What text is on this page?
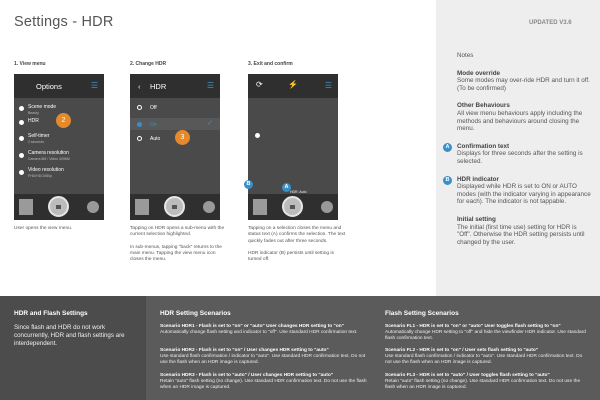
Settings - HDR	UPDATED V3.6
Notes
Mode override
Some modes may over-ride HDR and turn it off. (To be confirmed)
Other Behaviours
All view menu behaviours apply including the methods and behaviours around closing the menu.
A	Confirmation text
Displays for three seconds after the setting is selected.
B	HDR indicator
Displayed while HDR is set to ON or AUTO modes (with the indicator varying in appearance for each). The indicator is not tappable.
Initial setting
The initial (first time use) setting for HDR is "Off". Otherwise the HDR setting persists until changed by the user.
1. View menu
Options	☰
Scene mode
Beauty
HDR	2
Self-timer
2 seconds
Camera resolution
Camera 8M / Video 4096M
Video resolution
FHD/HD/1080p

User opens the view menu.

2. Change HDR
‹ HDR	☰
Off
On	✓
Auto	3

Tapping on HDR opens a sub-menu with the current selection highlighted.

In sub-menus, tapping "back" returns to the main menu. Tapping the view menu icon closes the menu.

3. Exit and confirm
⟳	⚡	☰
B	A
HDR: Auto

Tapping on a selection closes the menu and status text (A) confirms the selection. The text quickly fades out after three seconds.

HDR indicator (B) persists until setting is turned off.

HDR and Flash Settings
Since flash and HDR do not work concurrently, HDR and flash settings are interdependent.
HDR Setting Scenarios
Scenario HDR1 - Flash is set to "on" or "auto" User changes HDR setting to "on"
Automatically change flash setting and indicator to "off". Use standard HDR confirmation text.
Scenario HDR2 - Flash is set to "on" / User changes HDR setting to "auto"
Use standard flash confirmation / indicator to "auto". Use standard HDR confirmation text. Do not use the flash when an HDR image is captured.
Scenario HDR3 - Flash is set to "auto" / User changes HDR setting to "auto"
Retain "auto" flash setting (no change). Use standard HDR confirmation text. Do not use the flash when an HDR image is captured.
Flash Setting Scenarios
Scenario FL1 - HDR is set to "on" or "auto" User toggles flash setting to "on"
Automatically change HDR setting to "off" and hide the viewfinder HDR indicator. Use standard flash confirmation text.
Scenario FL2 - HDR is set to "on" / User sets flash setting to "auto"
Use standard flash confirmation / indicator to "auto". Use standard HDR confirmation text. Do not use the flash when an HDR image is captured.
Scenario FL3 - HDR is set to "auto" / User toggles flash setting to "auto"
Retain "auto" flash setting (no change). Use standard HDR confirmation text. Do not use the flash when an HDR image is captured.
